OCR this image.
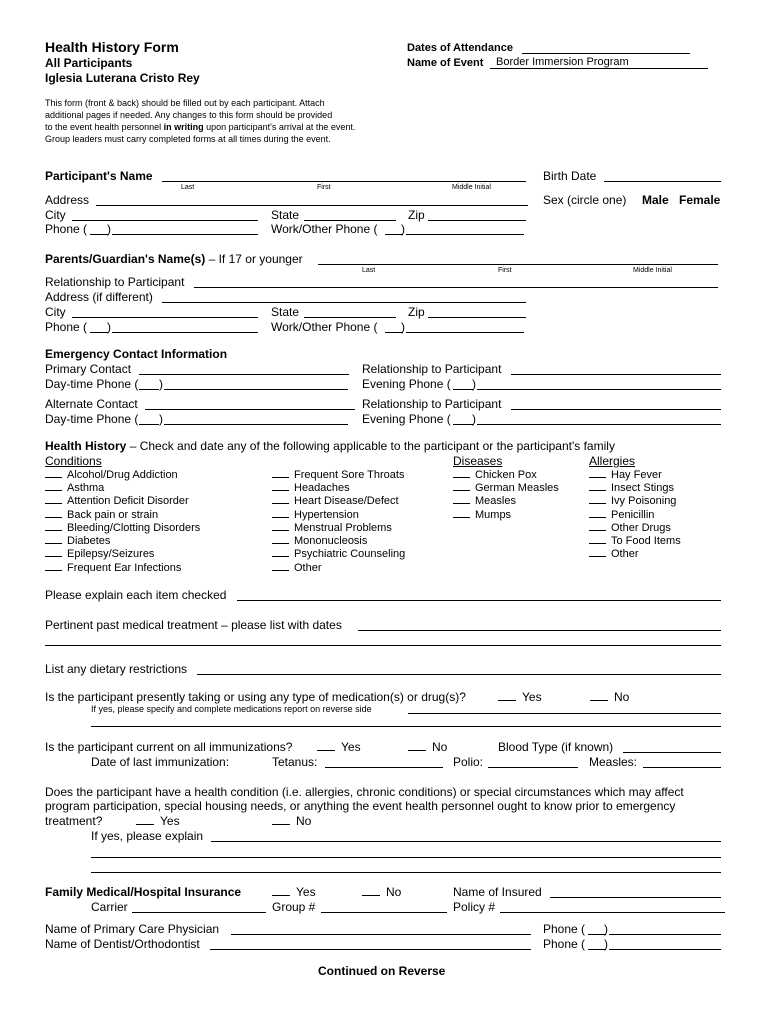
Health History Form
All Participants
Iglesia Luterana Cristo Rey
Dates of Attendance
Name of Event Border Immersion Program
This form (front & back) should be filled out by each participant. Attach
additional pages if needed. Any changes to this form should be provided
to the event health personnel in writing upon participant's arrival at the event.
Group leaders must carry completed forms at all times during the event.
Participant's Name
Last	First	Middle Initial
Birth Date
Address	Sex (circle one) Male Female
City	State	Zip
Phone ( )	Work/Other Phone ( )
Parents/Guardian's Name(s) – If 17 or younger
Last	First	Middle Initial
Relationship to Participant
Address (if different)
City	State	Zip
Phone ( )	Work/Other Phone ( )
Emergency Contact Information
Primary Contact	Relationship to Participant
Day-time Phone ( )	Evening Phone ( )
Alternate Contact	Relationship to Participant
Day-time Phone ( )	Evening Phone ( )
Health History – Check and date any of the following applicable to the participant or the participant's family
Conditions	Diseases	Allergies
Alcohol/Drug Addiction
Asthma
Attention Deficit Disorder
Back pain or strain
Bleeding/Clotting Disorders
Diabetes
Epilepsy/Seizures
Frequent Ear Infections
Frequent Sore Throats
Headaches
Heart Disease/Defect
Hypertension
Menstrual Problems
Mononucleosis
Psychiatric Counseling
Other
Chicken Pox
German Measles
Measles
Mumps
Hay Fever
Insect Stings
Ivy Poisoning
Penicillin
Other Drugs
To Food Items
Other
Please explain each item checked
Pertinent past medical treatment – please list with dates
List any dietary restrictions
Is the participant presently taking or using any type of medication(s) or drug(s)?	Yes	No
If yes, please specify and complete medications report on reverse side
Is the participant current on all immunizations?	Yes	No	Blood Type (if known)
Date of last immunization:	Tetanus:	Polio:	Measles:
Does the participant have a health condition (i.e. allergies, chronic conditions) or special circumstances which may affect
program participation, special housing needs, or anything the event health personnel ought to know prior to emergency
treatment?	Yes	No
If yes, please explain
Family Medical/Hospital Insurance	Yes	No	Name of Insured
Carrier	Group #	Policy #
Name of Primary Care Physician	Phone ( )
Name of Dentist/Orthodontist	Phone ( )
Continued on Reverse
